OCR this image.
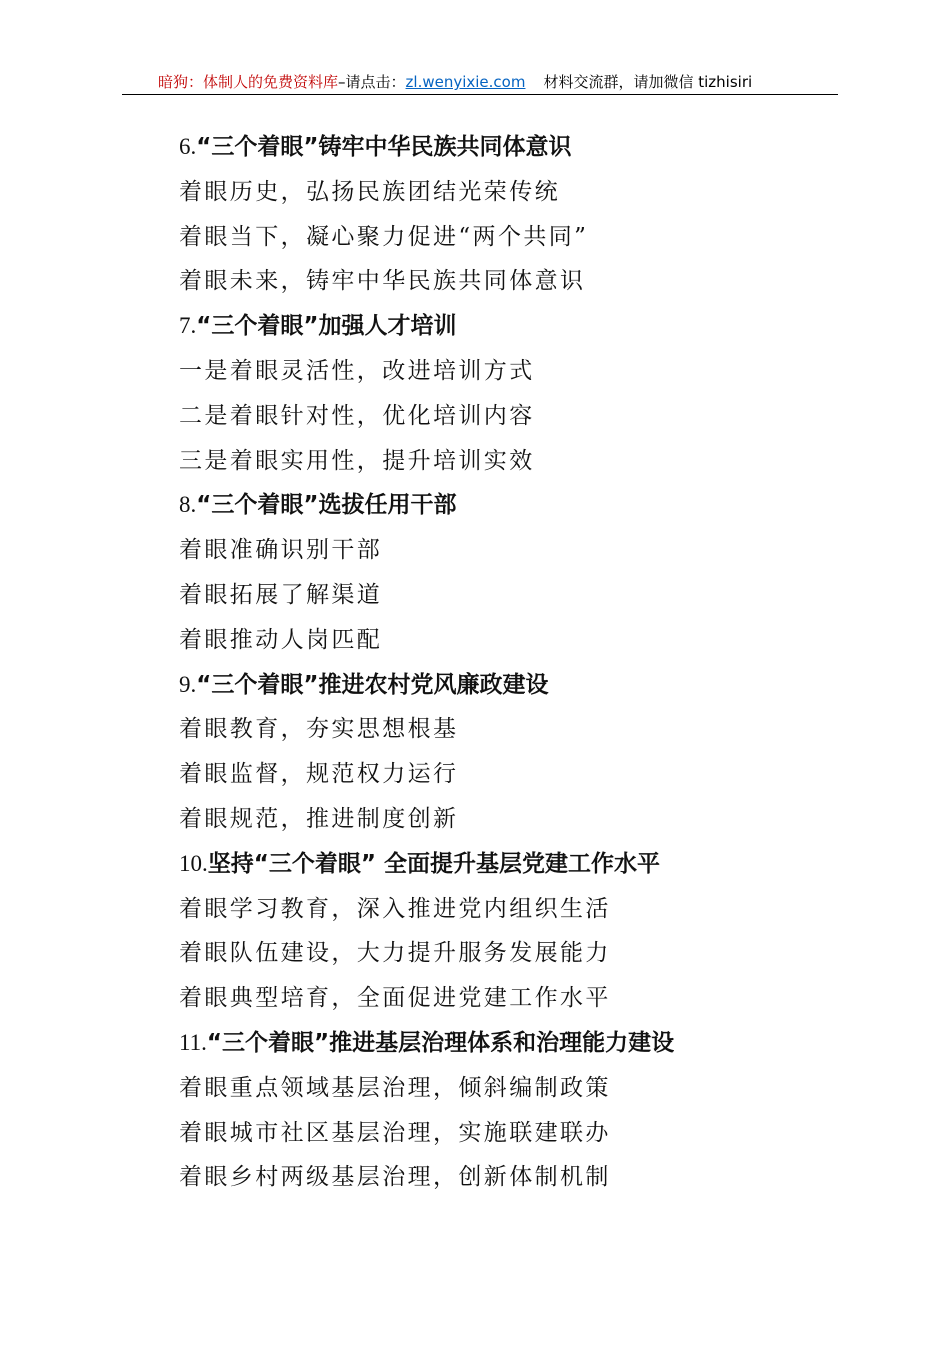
暗狗：体制人的免费资料库–请点击：zl.wenyixie.com 材料交流群，请加微信 tizhisiri
6.“三个着眼”铸牢中华民族共同体意识
着眼历史，弘扬民族团结光荣传统
着眼当下，凝心聚力促进“两个共同”
着眼未来，铸牢中华民族共同体意识
7.“三个着眼”加强人才培训
一是着眼灵活性，改进培训方式
二是着眼针对性，优化培训内容
三是着眼实用性，提升培训实效
8.“三个着眼”选拔任用干部
着眼准确识别干部
着眼拓展了解渠道
着眼推动人岗匹配
9.“三个着眼”推进农村党风廉政建设
着眼教育，夯实思想根基
着眼监督，规范权力运行
着眼规范，推进制度创新
10.坚持“三个着眼” 全面提升基层党建工作水平
着眼学习教育，深入推进党内组织生活
着眼队伍建设，大力提升服务发展能力
着眼典型培育，全面促进党建工作水平
11.“三个着眼”推进基层治理体系和治理能力建设
着眼重点领域基层治理，倾斜编制政策
着眼城市社区基层治理，实施联建联办
着眼乡村两级基层治理，创新体制机制
